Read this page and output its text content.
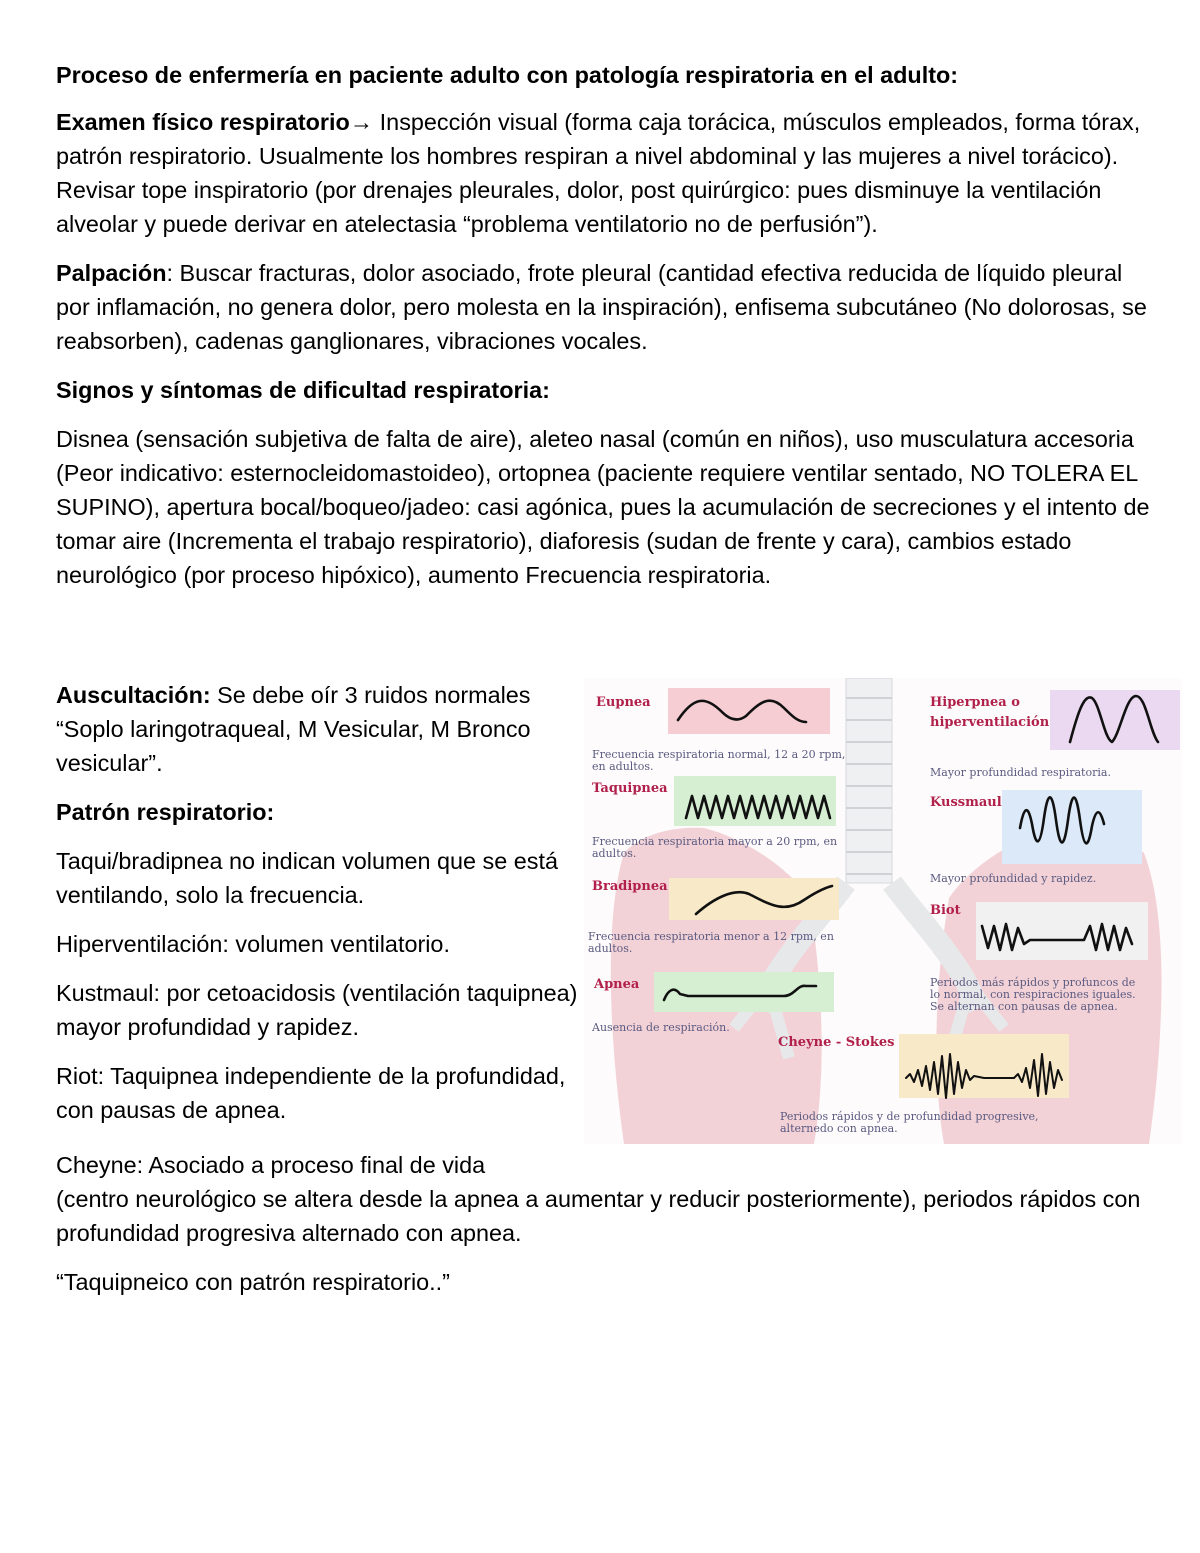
Proceso de enfermería en paciente adulto con patología respiratoria en el adulto:

Examen físico respiratorio→ Inspección visual (forma caja torácica, músculos empleados, forma tórax, patrón respiratorio. Usualmente los hombres respiran a nivel abdominal y las mujeres a nivel torácico). Revisar tope inspiratorio (por drenajes pleurales, dolor, post quirúrgico: pues disminuye la ventilación alveolar y puede derivar en atelectasia “problema ventilatorio no de perfusión”).

Palpación: Buscar fracturas, dolor asociado, frote pleural (cantidad efectiva reducida de líquido pleural por inflamación, no genera dolor, pero molesta en la inspiración), enfisema subcutáneo (No dolorosas, se reabsorben), cadenas ganglionares, vibraciones vocales.

Signos y síntomas de dificultad respiratoria:

Disnea (sensación subjetiva de falta de aire), aleteo nasal (común en niños), uso musculatura accesoria (Peor indicativo: esternocleidomastoideo), ortopnea (paciente requiere ventilar sentado, NO TOLERA EL SUPINO), apertura bocal/boqueo/jadeo: casi agónica, pues la acumulación de secreciones y el intento de tomar aire (Incrementa el trabajo respiratorio), diaforesis (sudan de frente y cara), cambios estado neurológico (por proceso hipóxico), aumento Frecuencia respiratoria.

Auscultación: Se debe oír 3 ruidos normales “Soplo laringotraqueal, M Vesicular, M Bronco vesicular”.

Patrón respiratorio:

Taqui/bradipnea no indican volumen que se está ventilando, solo la frecuencia.

Hiperventilación: volumen ventilatorio.

Kustmaul: por cetoacidosis (ventilación taquipnea) mayor profundidad y rapidez.

Riot: Taquipnea independiente de la profundidad, con pausas de apnea.

Cheyne: Asociado a proceso final de vida
(centro neurológico se altera desde la apnea a aumentar y reducir posteriormente), periodos rápidos con profundidad progresiva alternado con apnea.

“Taquipneico con patrón respiratorio..”

Eupnea
Taquipnea
Bradipnea
Apnea
Hiperpnea o
hiperventilación
Kussmaul
Biot
Cheyne - Stokes
Frecuencia respiratoria normal, 12 a 20 rpm,
en adultos.
Frecuencia respiratoria mayor a 20 rpm, en
adultos.
Frecuencia respiratoria menor a 12 rpm, en
adultos.
Ausencia de respiración.
Mayor profundidad respiratoria.
Mayor profundidad y rapidez.
Periodos más rápidos y profuncos de
lo normal, con respiraciones iguales.
Se alternan con pausas de apnea.
Periodos rápidos y de profundidad progresive,
alternedo con apnea.
